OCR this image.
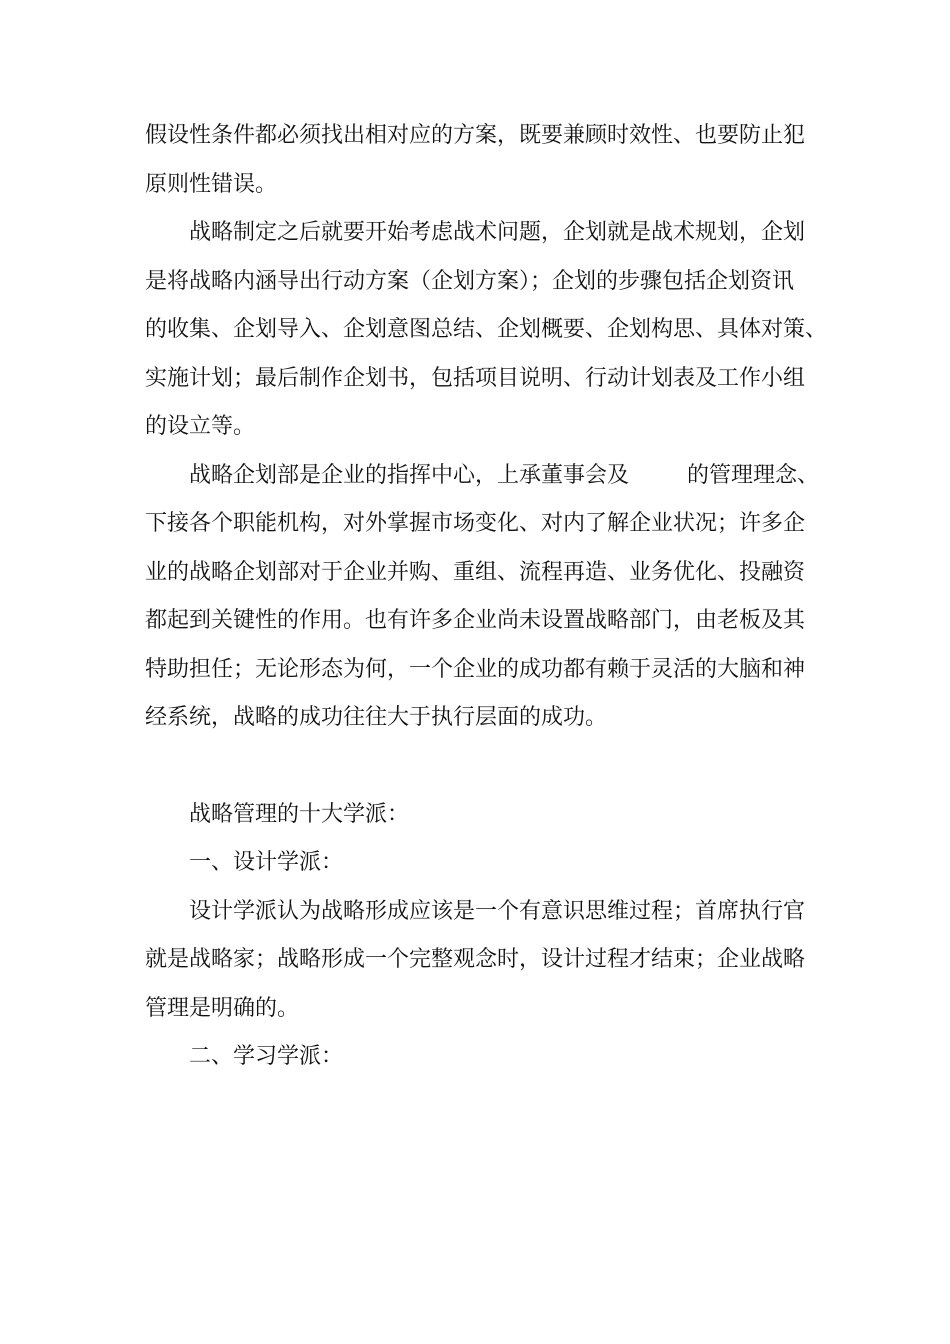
假设性条件都必须找出相对应的方案，既要兼顾时效性、也要防止犯
原则性错误。
战略制定之后就要开始考虑战术问题，企划就是战术规划，企划
是将战略内涵导出行动方案（企划方案）；企划的步骤包括企划资讯
的收集、企划导入、企划意图总结、企划概要、企划构思、具体对策、
实施计划；最后制作企划书，包括项目说明、行动计划表及工作小组
的设立等。
战略企划部是企业的指挥中心，上承董事会及	的管理理念、
下接各个职能机构，对外掌握市场变化、对内了解企业状况；许多企
业的战略企划部对于企业并购、重组、流程再造、业务优化、投融资
都起到关键性的作用。也有许多企业尚未设置战略部门，由老板及其
特助担任；无论形态为何，一个企业的成功都有赖于灵活的大脑和神
经系统，战略的成功往往大于执行层面的成功。
战略管理的十大学派：
一、设计学派：
设计学派认为战略形成应该是一个有意识思维过程；首席执行官
就是战略家；战略形成一个完整观念时，设计过程才结束；企业战略
管理是明确的。
二、学习学派：
